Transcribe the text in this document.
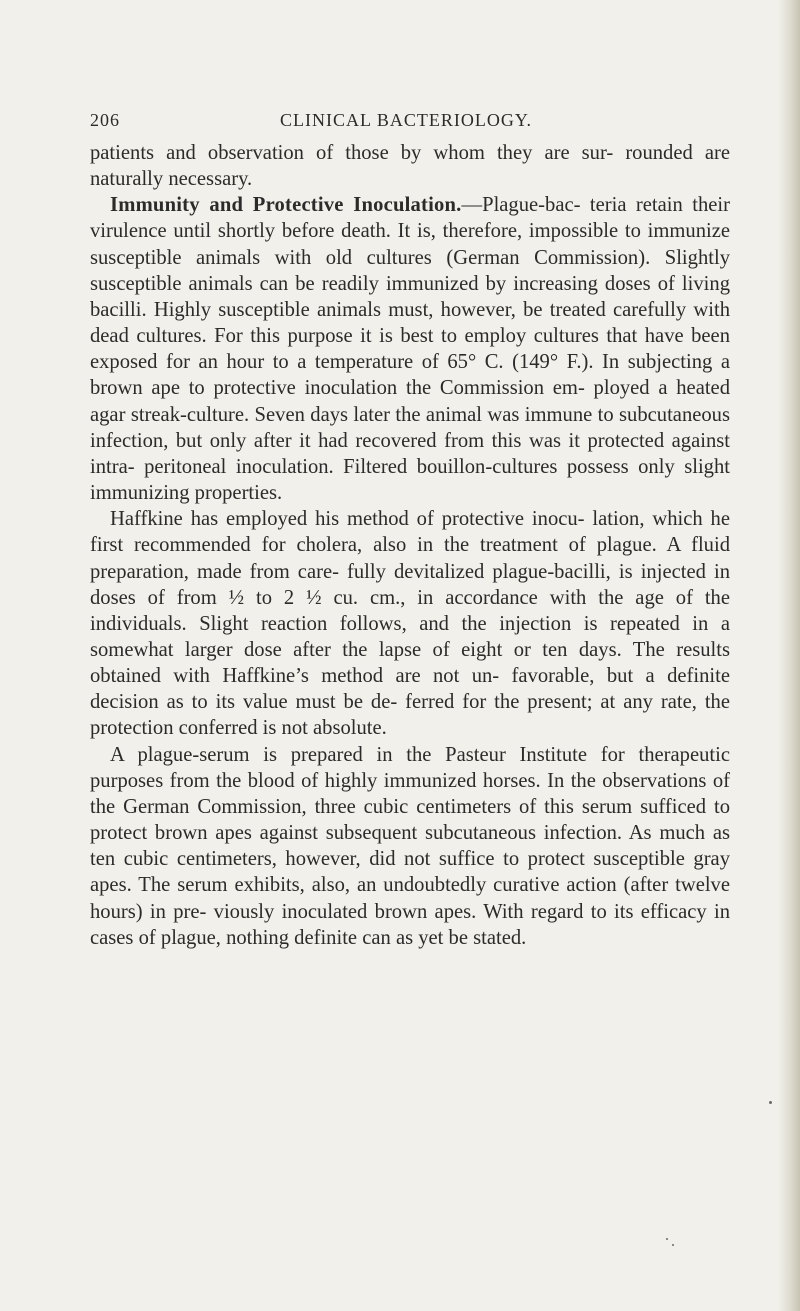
206	CLINICAL BACTERIOLOGY.

patients and observation of those by whom they are sur- rounded are naturally necessary.

Immunity and Protective Inoculation.—Plague-bac- teria retain their virulence until shortly before death. It is, therefore, impossible to immunize susceptible animals with old cultures (German Commission). Slightly susceptible animals can be readily immunized by increasing doses of living bacilli. Highly susceptible animals must, however, be treated carefully with dead cultures. For this purpose it is best to employ cultures that have been exposed for an hour to a temperature of 65° C. (149° F.). In subjecting a brown ape to protective inoculation the Commission em- ployed a heated agar streak-culture. Seven days later the animal was immune to subcutaneous infection, but only after it had recovered from this was it protected against intra- peritoneal inoculation. Filtered bouillon-cultures possess only slight immunizing properties.

Haffkine has employed his method of protective inocu- lation, which he first recommended for cholera, also in the treatment of plague. A fluid preparation, made from care- fully devitalized plague-bacilli, is injected in doses of from ½ to 2 ½ cu. cm., in accordance with the age of the individuals. Slight reaction follows, and the injection is repeated in a somewhat larger dose after the lapse of eight or ten days. The results obtained with Haffkine’s method are not un- favorable, but a definite decision as to its value must be de- ferred for the present; at any rate, the protection conferred is not absolute.

A plague-serum is prepared in the Pasteur Institute for therapeutic purposes from the blood of highly immunized horses. In the observations of the German Commission, three cubic centimeters of this serum sufficed to protect brown apes against subsequent subcutaneous infection. As much as ten cubic centimeters, however, did not suffice to protect susceptible gray apes. The serum exhibits, also, an undoubtedly curative action (after twelve hours) in pre- viously inoculated brown apes. With regard to its efficacy in cases of plague, nothing definite can as yet be stated.
